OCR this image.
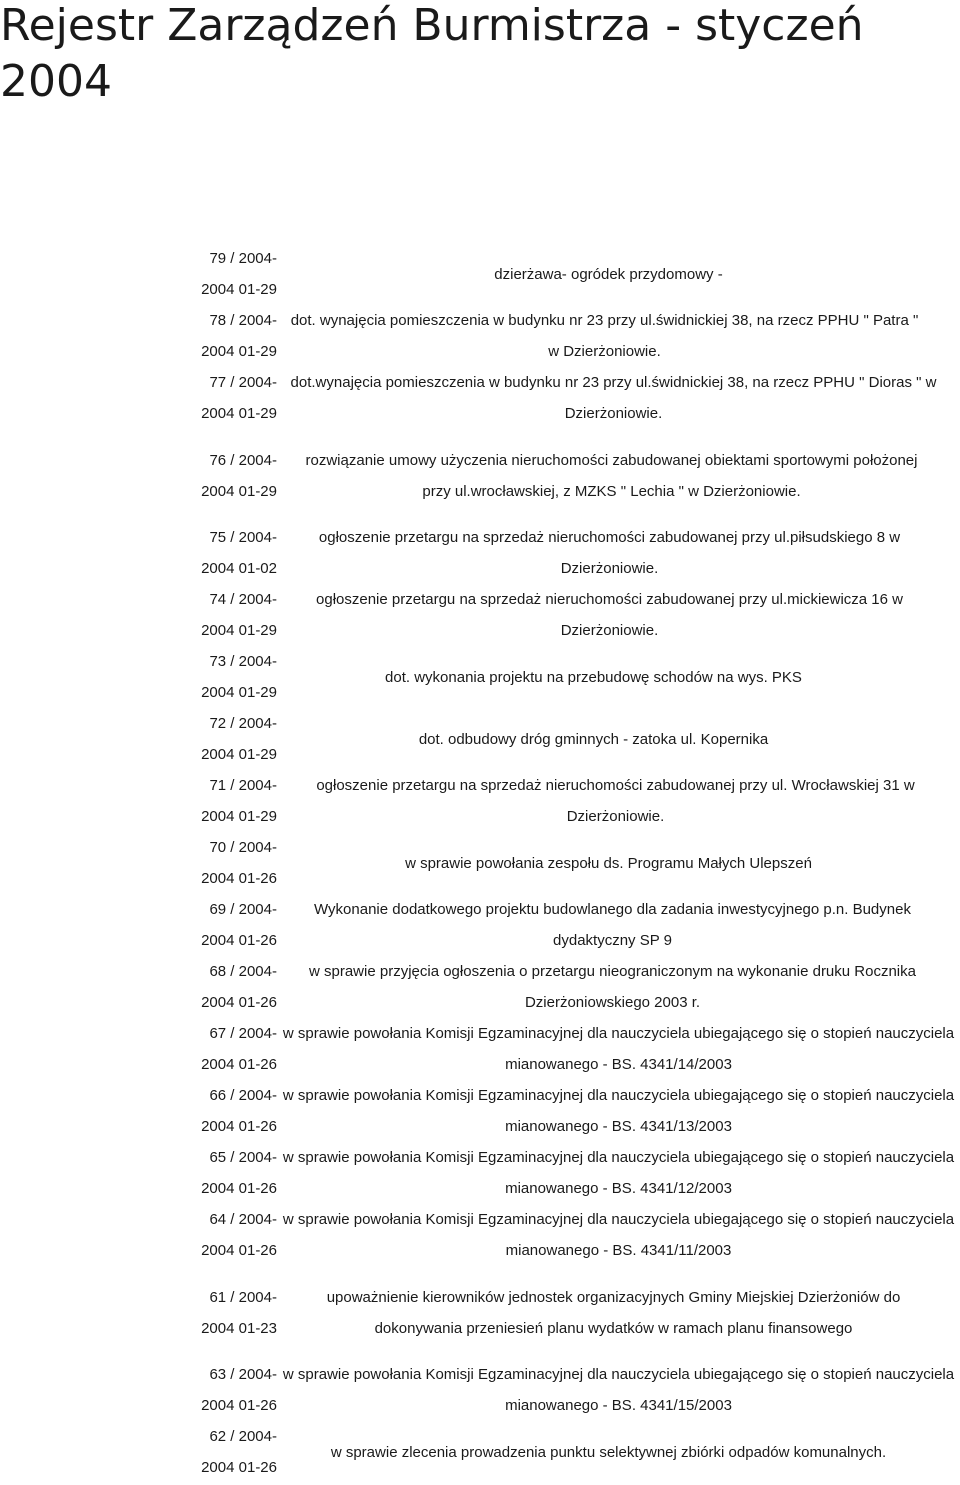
Rejestr Zarządzeń Burmistrza - styczeń 2004
79 / 2004-
2004 01-29
dzierżawa- ogródek przydomowy -
78 / 2004-
2004 01-29
dot. wynajęcia pomieszczenia w budynku nr 23 przy ul.świdnickiej 38, na rzecz PPHU " Patra " w Dzierżoniowie.
77 / 2004-
2004 01-29
dot.wynajęcia pomieszczenia w budynku nr 23 przy ul.świdnickiej 38, na rzecz PPHU " Dioras " w Dzierżoniowie.
76 / 2004-
2004 01-29
rozwiązanie umowy użyczenia nieruchomości zabudowanej obiektami sportowymi położonej przy ul.wrocławskiej, z MZKS " Lechia " w Dzierżoniowie.
75 / 2004-
2004 01-02
ogłoszenie przetargu na sprzedaż nieruchomości zabudowanej przy ul.piłsudskiego 8 w Dzierżoniowie.
74 / 2004-
2004 01-29
ogłoszenie przetargu na sprzedaż nieruchomości zabudowanej przy ul.mickiewicza 16 w Dzierżoniowie.
73 / 2004-
2004 01-29
dot. wykonania projektu na przebudowę schodów na wys. PKS
72 / 2004-
2004 01-29
dot. odbudowy dróg gminnych - zatoka ul. Kopernika
71 / 2004-
2004 01-29
ogłoszenie przetargu na sprzedaż nieruchomości zabudowanej przy ul. Wrocławskiej 31 w Dzierżoniowie.
70 / 2004-
2004 01-26
w sprawie powołania zespołu ds. Programu Małych Ulepszeń
69 / 2004-
2004 01-26
Wykonanie dodatkowego projektu budowlanego dla zadania inwestycyjnego p.n. Budynek dydaktyczny SP 9
68 / 2004-
2004 01-26
w sprawie przyjęcia ogłoszenia o przetargu nieograniczonym na wykonanie druku Rocznika Dzierżoniowskiego 2003 r.
67 / 2004-
2004 01-26
w sprawie powołania Komisji Egzaminacyjnej dla nauczyciela ubiegającego się o stopień nauczyciela mianowanego - BS. 4341/14/2003
66 / 2004-
2004 01-26
w sprawie powołania Komisji Egzaminacyjnej dla nauczyciela ubiegającego się o stopień nauczyciela mianowanego - BS. 4341/13/2003
65 / 2004-
2004 01-26
w sprawie powołania Komisji Egzaminacyjnej dla nauczyciela ubiegającego się o stopień nauczyciela mianowanego - BS. 4341/12/2003
64 / 2004-
2004 01-26
w sprawie powołania Komisji Egzaminacyjnej dla nauczyciela ubiegającego się o stopień nauczyciela mianowanego - BS. 4341/11/2003
61 / 2004-
2004 01-23
upoważnienie kierowników jednostek organizacyjnych Gminy Miejskiej Dzierżoniów do dokonywania przeniesień planu wydatków w ramach planu finansowego
63 / 2004-
2004 01-26
w sprawie powołania Komisji Egzaminacyjnej dla nauczyciela ubiegającego się o stopień nauczyciela mianowanego - BS. 4341/15/2003
62 / 2004-
2004 01-26
w sprawie zlecenia prowadzenia punktu selektywnej zbiórki odpadów komunalnych.
